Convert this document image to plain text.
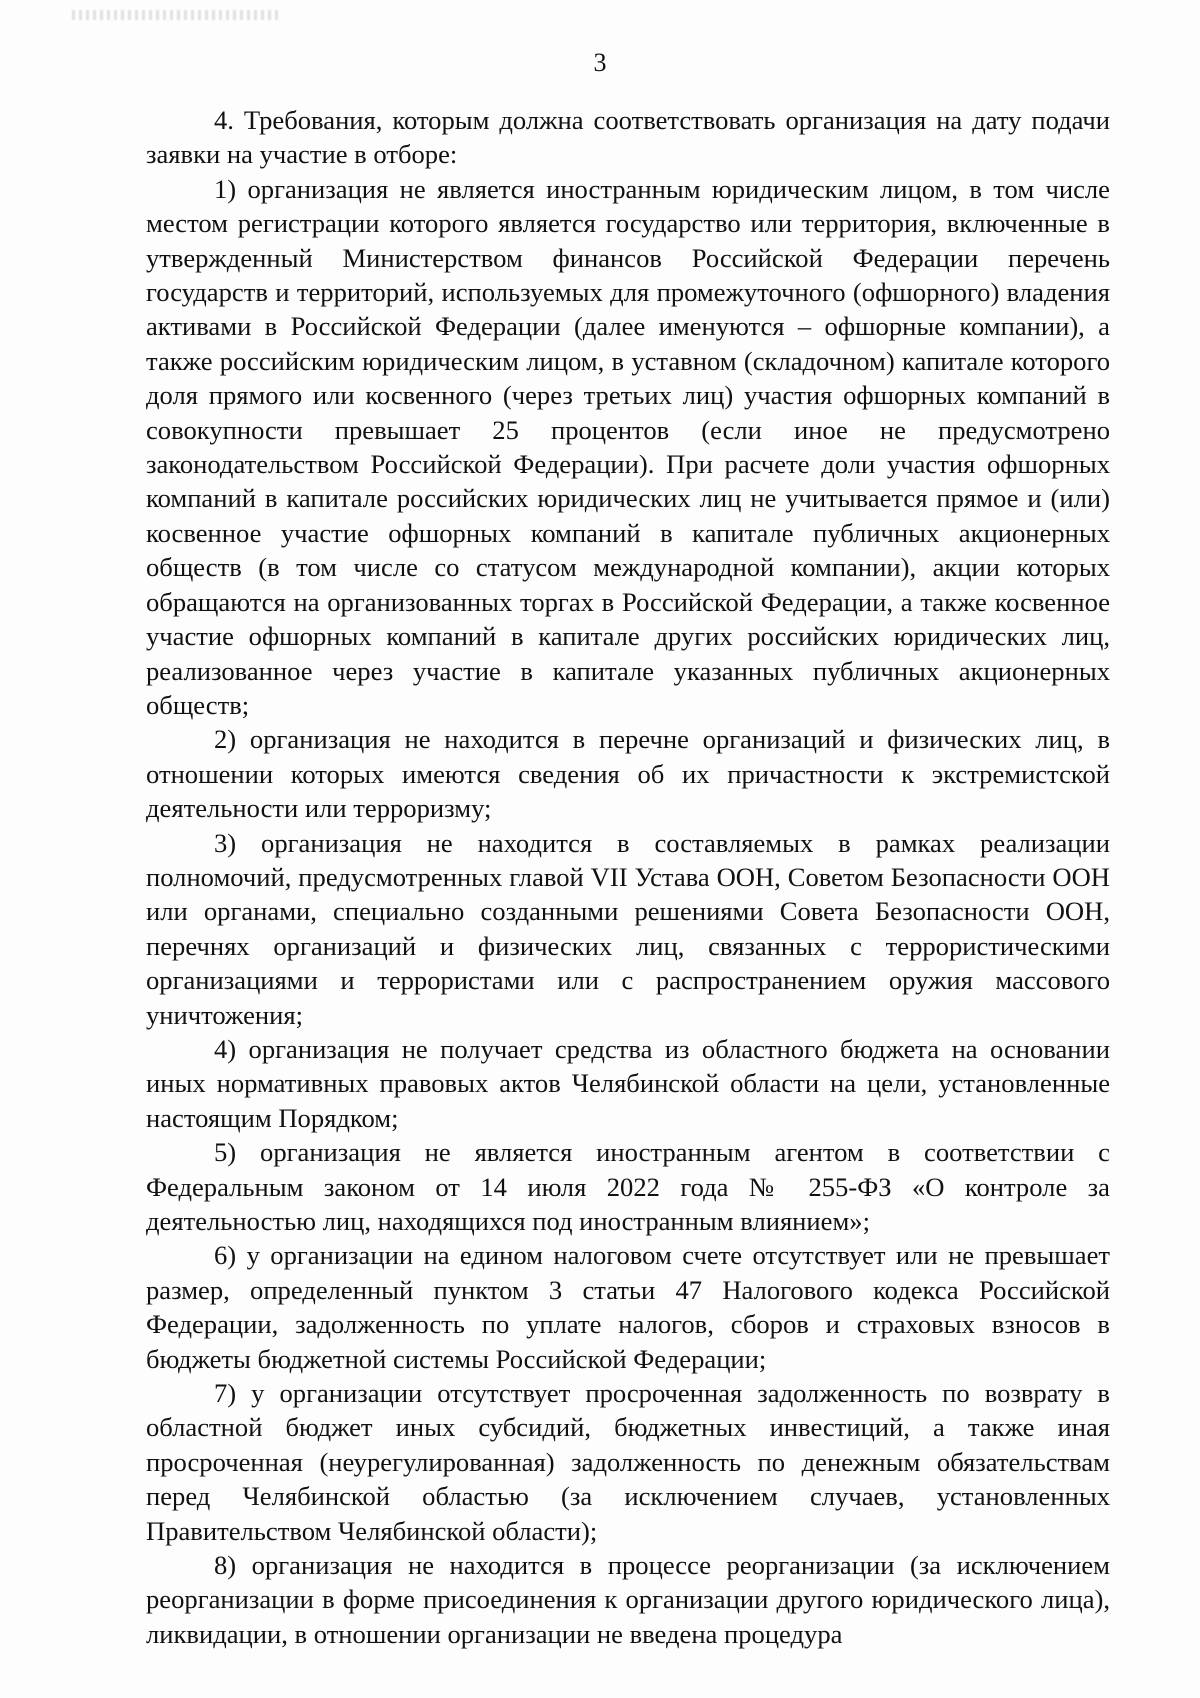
3

4. Требования, которым должна соответствовать организация на дату подачи заявки на участие в отборе:

1) организация не является иностранным юридическим лицом, в том числе местом регистрации которого является государство или территория, включенные в утвержденный Министерством финансов Российской Федерации перечень государств и территорий, используемых для промежуточного (офшорного) владения активами в Российской Федерации (далее именуются – офшорные компании), а также российским юридическим лицом, в уставном (складочном) капитале которого доля прямого или косвенного (через третьих лиц) участия офшорных компаний в совокупности превышает 25 процентов (если иное не предусмотрено законодательством Российской Федерации). При расчете доли участия офшорных компаний в капитале российских юридических лиц не учитывается прямое и (или) косвенное участие офшорных компаний в капитале публичных акционерных обществ (в том числе со статусом международной компании), акции которых обращаются на организованных торгах в Российской Федерации, а также косвенное участие офшорных компаний в капитале других российских юридических лиц, реализованное через участие в капитале указанных публичных акционерных обществ;

2) организация не находится в перечне организаций и физических лиц, в отношении которых имеются сведения об их причастности к экстремистской деятельности или терроризму;

3) организация не находится в составляемых в рамках реализации полномочий, предусмотренных главой VII Устава ООН, Советом Безопасности ООН или органами, специально созданными решениями Совета Безопасности ООН, перечнях организаций и физических лиц, связанных с террористическими организациями и террористами или с распространением оружия массового уничтожения;

4) организация не получает средства из областного бюджета на основании иных нормативных правовых актов Челябинской области на цели, установленные настоящим Порядком;

5) организация не является иностранным агентом в соответствии с Федеральным законом от 14 июля 2022 года № 255-ФЗ «О контроле за деятельностью лиц, находящихся под иностранным влиянием»;

6) у организации на едином налоговом счете отсутствует или не превышает размер, определенный пунктом 3 статьи 47 Налогового кодекса Российской Федерации, задолженность по уплате налогов, сборов и страховых взносов в бюджеты бюджетной системы Российской Федерации;

7) у организации отсутствует просроченная задолженность по возврату в областной бюджет иных субсидий, бюджетных инвестиций, а также иная просроченная (неурегулированная) задолженность по денежным обязательствам перед Челябинской областью (за исключением случаев, установленных Правительством Челябинской области);

8) организация не находится в процессе реорганизации (за исключением реорганизации в форме присоединения к организации другого юридического лица), ликвидации, в отношении организации не введена процедура
